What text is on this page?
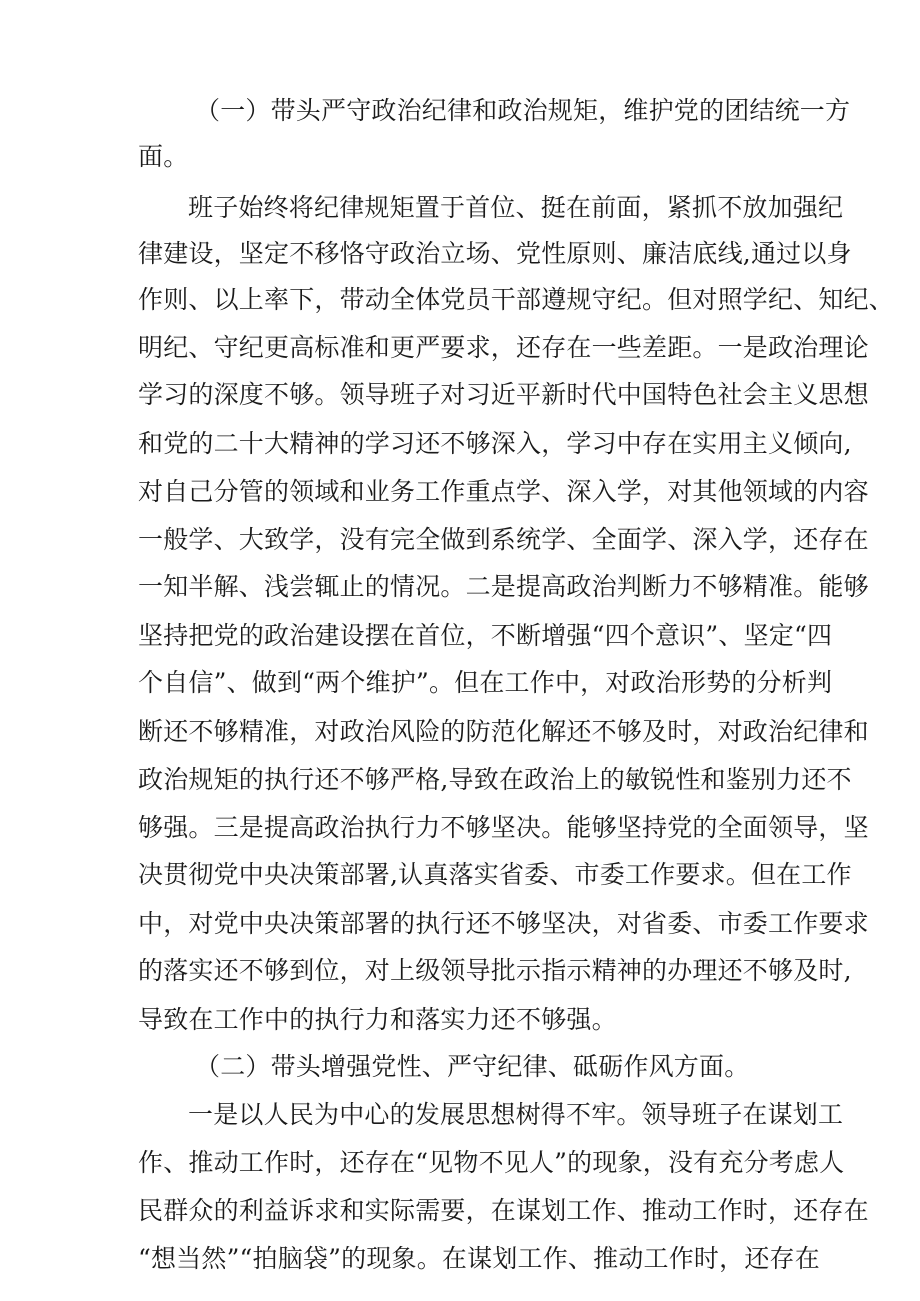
（一）带头严守政治纪律和政治规矩，维护党的团结统一方
面。
班子始终将纪律规矩置于首位、挺在前面，紧抓不放加强纪
律建设，坚定不移恪守政治立场、党性原则、廉洁底线,通过以身
作则、以上率下，带动全体党员干部遵规守纪。但对照学纪、知纪、
明纪、守纪更高标准和更严要求，还存在一些差距。一是政治理论
学习的深度不够。领导班子对习近平新时代中国特色社会主义思想
和党的二十大精神的学习还不够深入，学习中存在实用主义倾向,
对自己分管的领域和业务工作重点学、深入学，对其他领域的内容
一般学、大致学，没有完全做到系统学、全面学、深入学，还存在
一知半解、浅尝辄止的情况。二是提高政治判断力不够精准。能够
坚持把党的政治建设摆在首位，不断增强“四个意识”、坚定“四
个自信”、做到“两个维护”。但在工作中，对政治形势的分析判
断还不够精准，对政治风险的防范化解还不够及时，对政治纪律和
政治规矩的执行还不够严格,导致在政治上的敏锐性和鉴别力还不
够强。三是提高政治执行力不够坚决。能够坚持党的全面领导，坚
决贯彻党中央决策部署,认真落实省委、市委工作要求。但在工作
中，对党中央决策部署的执行还不够坚决，对省委、市委工作要求
的落实还不够到位，对上级领导批示指示精神的办理还不够及时,
导致在工作中的执行力和落实力还不够强。
（二）带头增强党性、严守纪律、砥砺作风方面。
一是以人民为中心的发展思想树得不牢。领导班子在谋划工
作、推动工作时，还存在“见物不见人”的现象，没有充分考虑人
民群众的利益诉求和实际需要，在谋划工作、推动工作时，还存在
“想当然”“拍脑袋”的现象。在谋划工作、推动工作时，还存在
